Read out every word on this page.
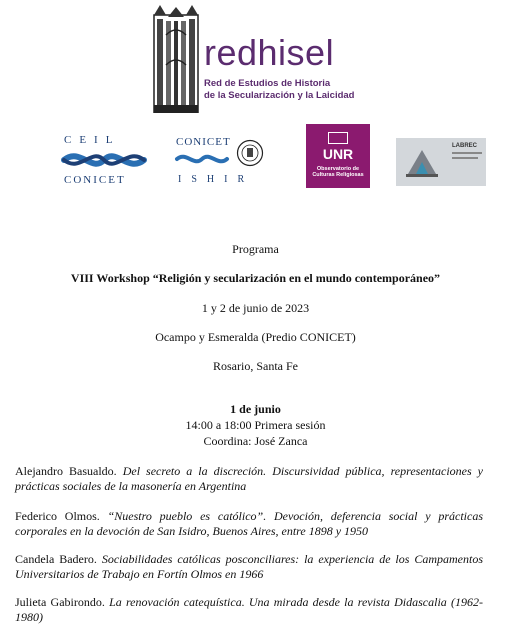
redhisel
Red de Estudios de Historia
de la Secularización y la Laicidad
CEIL
CONICET
CONICET
ISHIR
UNR
Observatorio de Culturas Religiosas
LABREC
Programa
VIII Workshop “Religión y secularización en el mundo contemporáneo”
1 y 2 de junio de 2023
Ocampo y Esmeralda (Predio CONICET)
Rosario, Santa Fe
1 de junio
14:00 a 18:00 Primera sesión
Coordina: José Zanca
Alejandro Basualdo. Del secreto a la discreción. Discursividad pública, representaciones y prácticas sociales de la masonería en Argentina
Federico Olmos. “Nuestro pueblo es católico”. Devoción, deferencia social y prácticas corporales en la devoción de San Isidro, Buenos Aires, entre 1898 y 1950
Candela Badero. Sociabilidades católicas posconciliares: la experiencia de los Campamentos Universitarios de Trabajo en Fortín Olmos en 1966
Julieta Gabirondo. La renovación catequística. Una mirada desde la revista Didascalia (1962-1980)
